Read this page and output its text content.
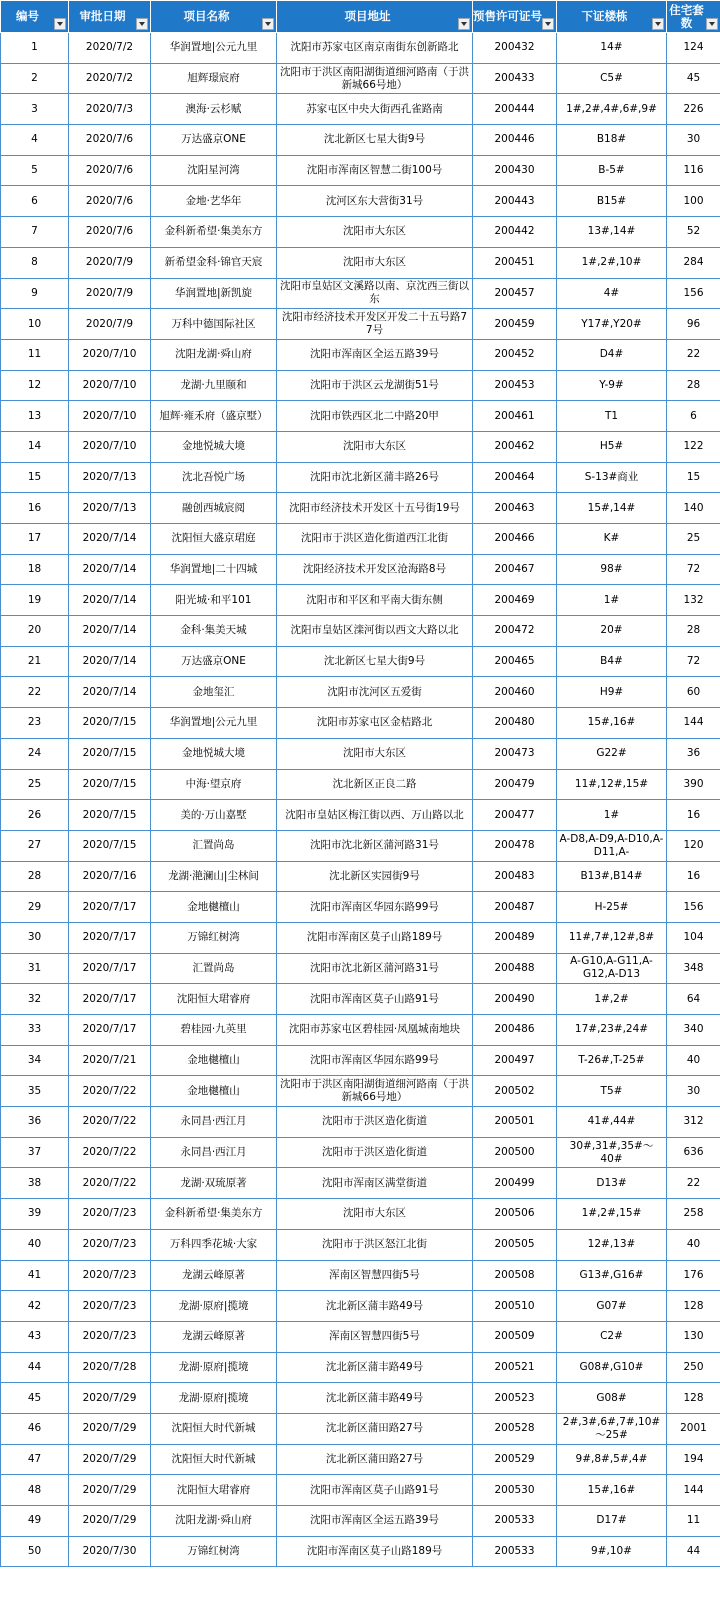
编号	审批日期	项目名称	项目地址	预售许可证号	下证楼栋	住宅套数

1	2020/7/2	华润置地|公元九里	沈阳市苏家屯区南京南街东创新路北	200432	14#	124

2	2020/7/2	旭辉璟宸府	沈阳市于洪区南阳湖街道细河路南（于洪新城66号地）	200433	C5#	45

3	2020/7/3	澳海·云杉赋	苏家屯区中央大街西孔雀路南	200444	1#,2#,4#,6#,9#	226

4	2020/7/6	万达盛京ONE	沈北新区七星大街9号	200446	B18#	30

5	2020/7/6	沈阳星河湾	沈阳市浑南区智慧二街100号	200430	B-5#	116

6	2020/7/6	金地·艺华年	沈河区东大营街31号	200443	B15#	100

7	2020/7/6	金科新希望·集美东方	沈阳市大东区	200442	13#,14#	52

8	2020/7/9	新希望金科·锦官天宸	沈阳市大东区	200451	1#,2#,10#	284

9	2020/7/9	华润置地|新凯旋	沈阳市皇姑区文溪路以南、京沈西三街以东	200457	4#	156

10	2020/7/9	万科中德国际社区	沈阳市经济技术开发区开发二十五号路77号	200459	Y17#,Y20#	96

11	2020/7/10	沈阳龙湖·舜山府	沈阳市浑南区全运五路39号	200452	D4#	22

12	2020/7/10	龙湖·九里颐和	沈阳市于洪区云龙湖街51号	200453	Y-9#	28

13	2020/7/10	旭辉·雍禾府（盛京墅）	沈阳市铁西区北二中路20甲	200461	T1	6

14	2020/7/10	金地悦城大境	沈阳市大东区	200462	H5#	122

15	2020/7/13	沈北吾悦广场	沈阳市沈北新区蒲丰路26号	200464	S-13#商业	15

16	2020/7/13	融创西城宸阅	沈阳市经济技术开发区十五号街19号	200463	15#,14#	140

17	2020/7/14	沈阳恒大盛京珺庭	沈阳市于洪区造化街道西江北街	200466	K#	25

18	2020/7/14	华润置地|二十四城	沈阳经济技术开发区沧海路8号	200467	98#	72

19	2020/7/14	阳光城·和平101	沈阳市和平区和平南大街东侧	200469	1#	132

20	2020/7/14	金科·集美天城	沈阳市皇姑区滦河街以西文大路以北	200472	20#	28

21	2020/7/14	万达盛京ONE	沈北新区七星大街9号	200465	B4#	72

22	2020/7/14	金地玺汇	沈阳市沈河区五爱街	200460	H9#	60

23	2020/7/15	华润置地|公元九里	沈阳市苏家屯区金桔路北	200480	15#,16#	144

24	2020/7/15	金地悦城大境	沈阳市大东区	200473	G22#	36

25	2020/7/15	中海·望京府	沈北新区正良二路	200479	11#,12#,15#	390

26	2020/7/15	美的·万山嘉墅	沈阳市皇姑区梅江街以西、万山路以北	200477	1#	16

27	2020/7/15	汇置尚岛	沈阳市沈北新区蒲河路31号	200478	A-D8,A-D9,A-D10,A-D11,A-	120

28	2020/7/16	龙湖·滟澜山|尘林间	沈北新区实园街9号	200483	B13#,B14#	16

29	2020/7/17	金地樾檀山	沈阳市浑南区华园东路99号	200487	H-25#	156

30	2020/7/17	万锦红树湾	沈阳市浑南区莫子山路189号	200489	11#,7#,12#,8#	104

31	2020/7/17	汇置尚岛	沈阳市沈北新区蒲河路31号	200488	A-G10,A-G11,A-G12,A-D13	348

32	2020/7/17	沈阳恒大珺睿府	沈阳市浑南区莫子山路91号	200490	1#,2#	64

33	2020/7/17	碧桂园·九英里	沈阳市苏家屯区碧桂园·凤凰城南地块	200486	17#,23#,24#	340

34	2020/7/21	金地樾檀山	沈阳市浑南区华园东路99号	200497	T-26#,T-25#	40

35	2020/7/22	金地樾檀山	沈阳市于洪区南阳湖街道细河路南（于洪新城66号地）	200502	T5#	30

36	2020/7/22	永同昌·西江月	沈阳市于洪区造化街道	200501	41#,44#	312

37	2020/7/22	永同昌·西江月	沈阳市于洪区造化街道	200500	30#,31#,35#～40#	636

38	2020/7/22	龙湖·双琉原著	沈阳市浑南区满堂街道	200499	D13#	22

39	2020/7/23	金科新希望·集美东方	沈阳市大东区	200506	1#,2#,15#	258

40	2020/7/23	万科四季花城·大家	沈阳市于洪区怒江北街	200505	12#,13#	40

41	2020/7/23	龙湖云峰原著	浑南区智慧四街5号	200508	G13#,G16#	176

42	2020/7/23	龙湖·原府|揽境	沈北新区蒲丰路49号	200510	G07#	128

43	2020/7/23	龙湖云峰原著	浑南区智慧四街5号	200509	C2#	130

44	2020/7/28	龙湖·原府|揽境	沈北新区蒲丰路49号	200521	G08#,G10#	250

45	2020/7/29	龙湖·原府|揽境	沈北新区蒲丰路49号	200523	G08#	128

46	2020/7/29	沈阳恒大时代新城	沈北新区蒲田路27号	200528	2#,3#,6#,7#,10#～25#	2001

47	2020/7/29	沈阳恒大时代新城	沈北新区蒲田路27号	200529	9#,8#,5#,4#	194

48	2020/7/29	沈阳恒大珺睿府	沈阳市浑南区莫子山路91号	200530	15#,16#	144

49	2020/7/29	沈阳龙湖·舜山府	沈阳市浑南区全运五路39号	200533	D17#	11

50	2020/7/30	万锦红树湾	沈阳市浑南区莫子山路189号	200533	9#,10#	44
